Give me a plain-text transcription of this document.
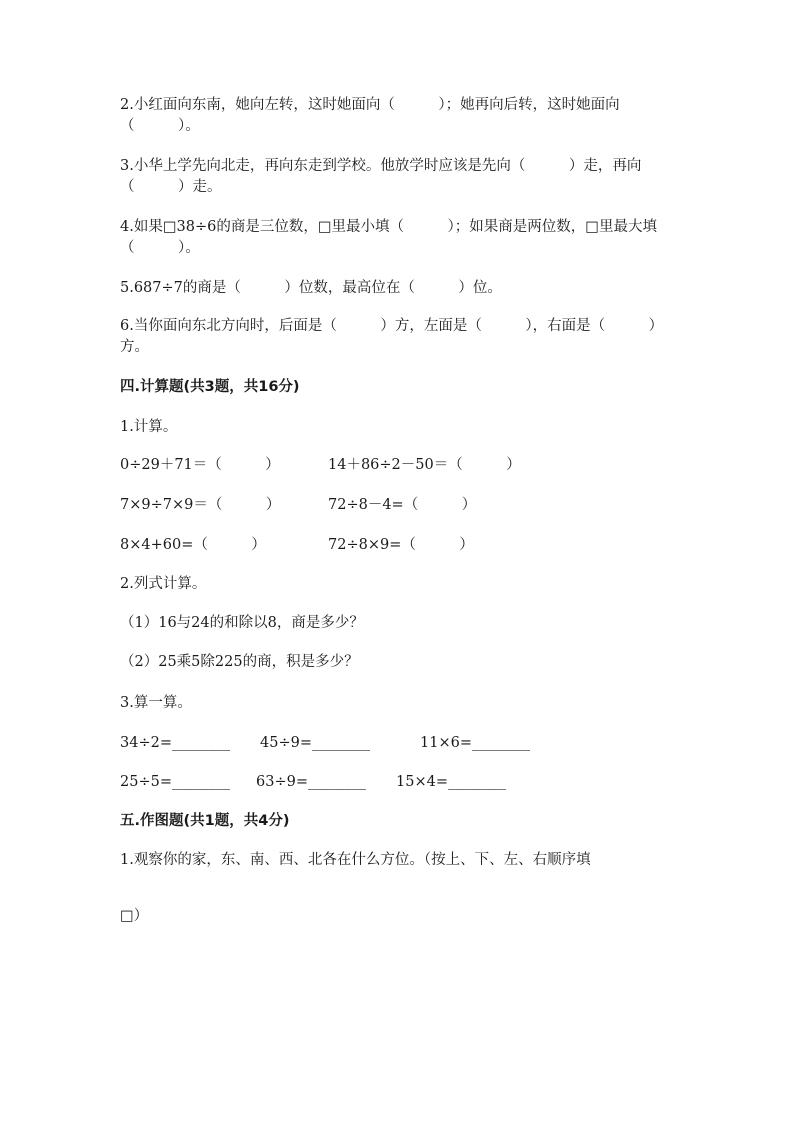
2.小红面向东南，她向左转，这时她面向（　　　）；她再向后转，这时她面向（　　　）。
3.小华上学先向北走，再向东走到学校。他放学时应该是先向（　　　）走，再向（　　　）走。
4.如果□38÷6的商是三位数，□里最小填（　　　）；如果商是两位数，□里最大填（　　　）。
5.687÷7的商是（　　　）位数，最高位在（　　　）位。
6.当你面向东北方向时，后面是（　　　）方，左面是（　　　），右面是（　　　）方。
四.计算题(共3题，共16分)
1.计算。
0÷29＋71＝（　　　）	14＋86÷2－50＝（　　　）
7×9÷7×9＝（　　　）	72÷8－4=（　　　）
8×4+60=（　　　）	72÷8×9=（　　　）
2.列式计算。
（1）16与24的和除以8，商是多少？
（2）25乘5除225的商，积是多少？
3.算一算。
34÷2=________ 45÷9=________	11×6=________
25÷5=________ 63÷9=________ 15×4=________
五.作图题(共1题，共4分)
1.观察你的家，东、南、西、北各在什么方位。（按上、下、左、右顺序填
□）
